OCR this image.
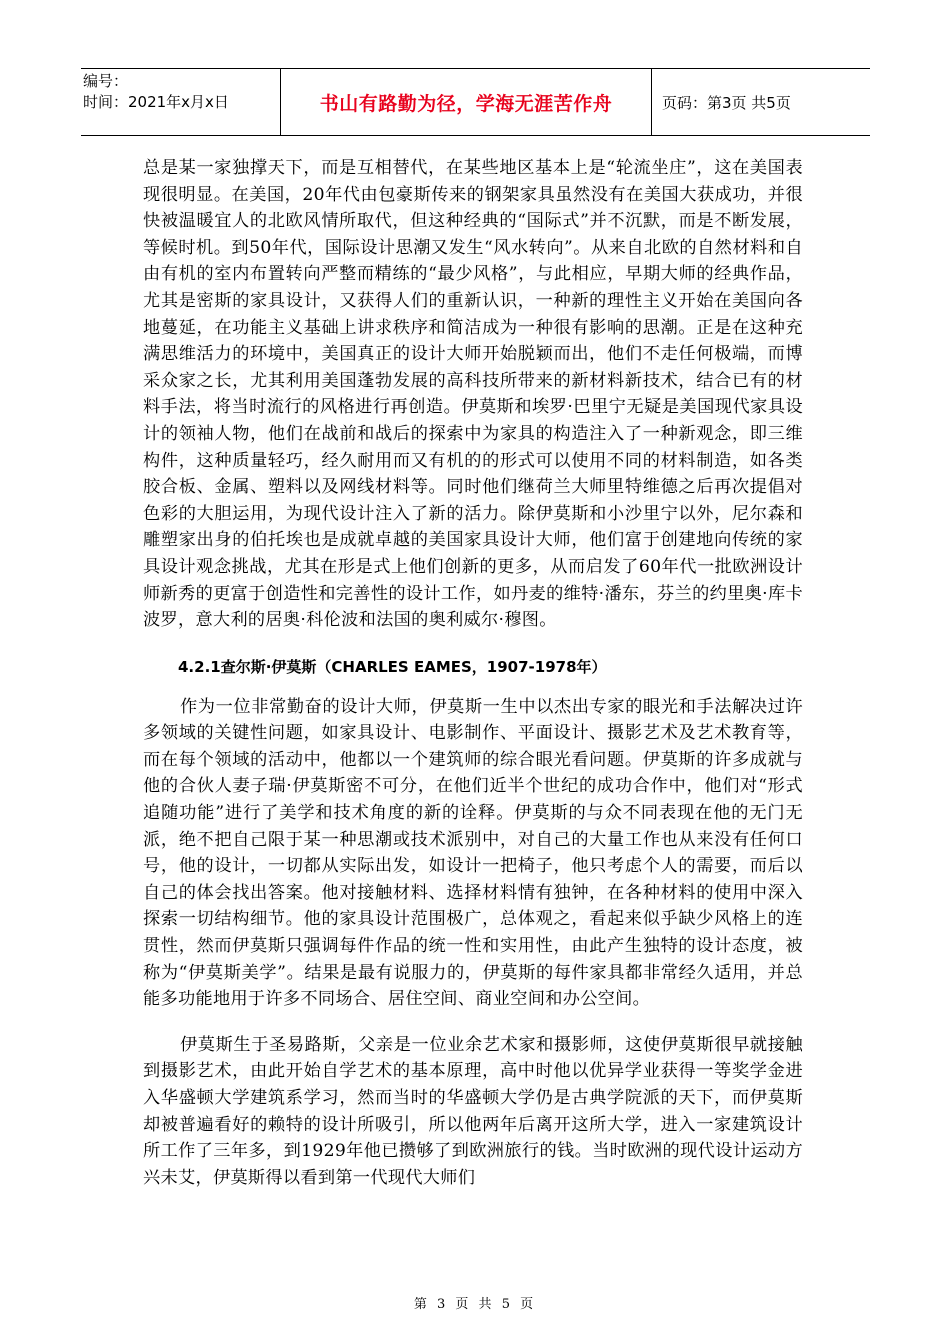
编号：
时间：2021年x月x日	书山有路勤为径，学海无涯苦作舟	页码：第3页 共5页

总是某一家独撑天下，而是互相替代，在某些地区基本上是“轮流坐庄”，这在美国表现很明显。在美国，20年代由包豪斯传来的钢架家具虽然没有在美国大获成功，并很快被温暖宜人的北欧风情所取代，但这种经典的“国际式”并不沉默，而是不断发展，等候时机。到50年代，国际设计思潮又发生“风水转向”。从来自北欧的自然材料和自由有机的室内布置转向严整而精练的“最少风格”，与此相应，早期大师的经典作品，尤其是密斯的家具设计，又获得人们的重新认识，一种新的理性主义开始在美国向各地蔓延，在功能主义基础上讲求秩序和简洁成为一种很有影响的思潮。正是在这种充满思维活力的环境中，美国真正的设计大师开始脱颖而出，他们不走任何极端，而博采众家之长，尤其利用美国蓬勃发展的高科技所带来的新材料新技术，结合已有的材料手法，将当时流行的风格进行再创造。伊莫斯和埃罗·巴里宁无疑是美国现代家具设计的领袖人物，他们在战前和战后的探索中为家具的构造注入了一种新观念，即三维构件，这种质量轻巧，经久耐用而又有机的的形式可以使用不同的材料制造，如各类胶合板、金属、塑料以及网线材料等。同时他们继荷兰大师里特维德之后再次提倡对色彩的大胆运用，为现代设计注入了新的活力。除伊莫斯和小沙里宁以外，尼尔森和雕塑家出身的伯托埃也是成就卓越的美国家具设计大师，他们富于创建地向传统的家具设计观念挑战，尤其在形是式上他们创新的更多，从而启发了60年代一批欧洲设计师新秀的更富于创造性和完善性的设计工作，如丹麦的维特·潘东，芬兰的约里奥·库卡波罗，意大利的居奥·科伦波和法国的奥利威尔·穆图。

4.2.1查尔斯·伊莫斯（CHARLES EAMES，1907-1978年）

作为一位非常勤奋的设计大师，伊莫斯一生中以杰出专家的眼光和手法解决过许多领域的关键性问题，如家具设计、电影制作、平面设计、摄影艺术及艺术教育等，而在每个领域的活动中，他都以一个建筑师的综合眼光看问题。伊莫斯的许多成就与他的合伙人妻子瑞·伊莫斯密不可分，在他们近半个世纪的成功合作中，他们对“形式追随功能”进行了美学和技术角度的新的诠释。伊莫斯的与众不同表现在他的无门无派，绝不把自己限于某一种思潮或技术派别中，对自己的大量工作也从来没有任何口号，他的设计，一切都从实际出发，如设计一把椅子，他只考虑个人的需要，而后以自己的体会找出答案。他对接触材料、选择材料情有独钟，在各种材料的使用中深入探索一切结构细节。他的家具设计范围极广，总体观之，看起来似乎缺少风格上的连贯性，然而伊莫斯只强调每件作品的统一性和实用性，由此产生独特的设计态度，被称为“伊莫斯美学”。结果是最有说服力的，伊莫斯的每件家具都非常经久适用，并总能多功能地用于许多不同场合、居住空间、商业空间和办公空间。

伊莫斯生于圣易路斯，父亲是一位业余艺术家和摄影师，这使伊莫斯很早就接触到摄影艺术，由此开始自学艺术的基本原理，高中时他以优异学业获得一等奖学金进入华盛顿大学建筑系学习，然而当时的华盛顿大学仍是古典学院派的天下，而伊莫斯却被普遍看好的赖特的设计所吸引，所以他两年后离开这所大学，进入一家建筑设计所工作了三年多，到1929年他已攒够了到欧洲旅行的钱。当时欧洲的现代设计运动方兴未艾，伊莫斯得以看到第一代现代大师们

第 3 页 共 5 页
